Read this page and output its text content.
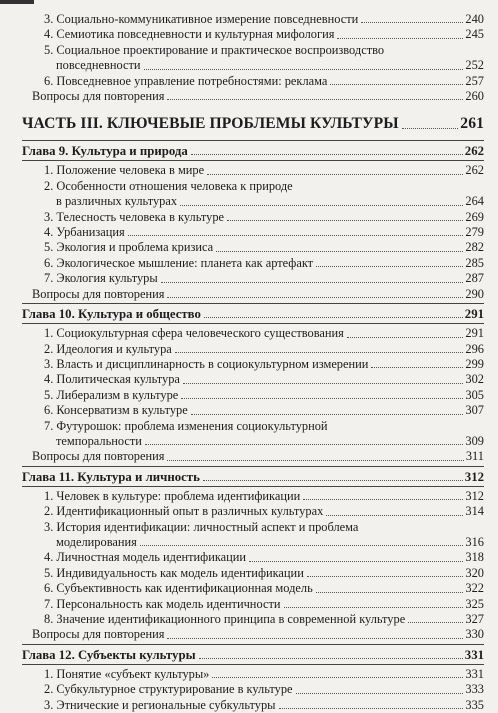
3. Социально-коммуникативное измерение повседневности	240
4. Семиотика повседневности и культурная мифология	245
5. Социальное проектирование и практическое воспроизводство
повседневности	252
6. Повседневное управление потребностями: реклама	257
Вопросы для повторения	260
ЧАСТЬ III. КЛЮЧЕВЫЕ ПРОБЛЕМЫ КУЛЬТУРЫ	261
Глава 9. Культура и природа	262
1. Положение человека в мире	262
2. Особенности отношения человека к природе
в различных культурах	264
3. Телесность человека в культуре	269
4. Урбанизация	279
5. Экология и проблема кризиса	282
6. Экологическое мышление: планета как артефакт	285
7. Экология культуры	287
Вопросы для повторения	290
Глава 10. Культура и общество	291
1. Социокультурная сфера человеческого существования	291
2. Идеология и культура	296
3. Власть и дисциплинарность в социокультурном измерении	299
4. Политическая культура	302
5. Либерализм в культуре	305
6. Консерватизм в культуре	307
7. Футурошок: проблема изменения социокультурной
темпоральности	309
Вопросы для повторения	311
Глава 11. Культура и личность	312
1. Человек в культуре: проблема идентификации	312
2. Идентификационный опыт в различных культурах	314
3. История идентификации: личностный аспект и проблема
моделирования	316
4. Личностная модель идентификации	318
5. Индивидуальность как модель идентификации	320
6. Субъективность как идентификационная модель	322
7. Персональность как модель идентичности	325
8. Значение идентификационного принципа в современной культуре	327
Вопросы для повторения	330
Глава 12. Субъекты культуры	331
1. Понятие «субъект культуры»	331
2. Субкультурное структурирование в культуре	333
3. Этнические и региональные субкультуры	335
